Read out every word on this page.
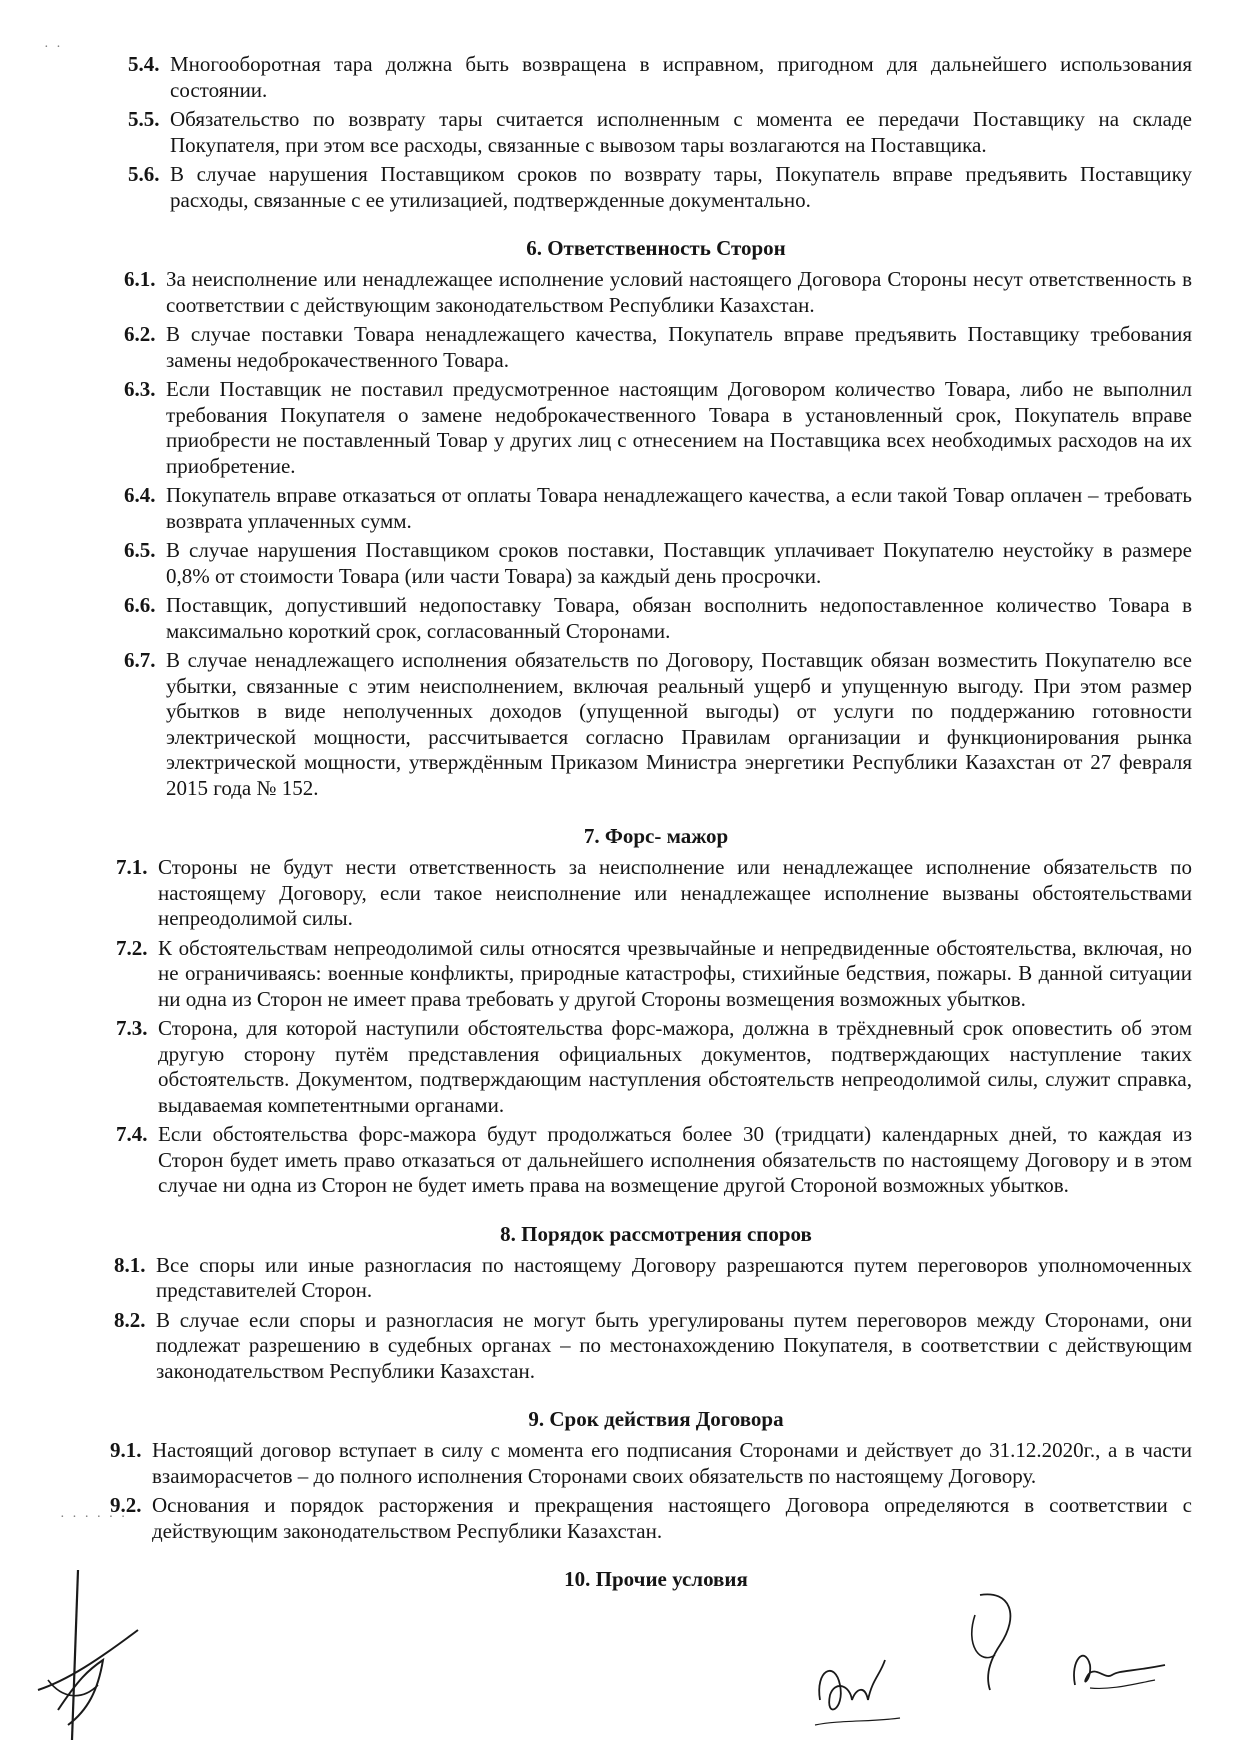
· ·
· · · · · ·
5.4. Многооборотная тара должна быть возвращена в исправном, пригодном для дальнейшего использования состоянии.
5.5. Обязательство по возврату тары считается исполненным с момента ее передачи Поставщику на складе Покупателя, при этом все расходы, связанные с вывозом тары возлагаются на Поставщика.
5.6. В случае нарушения Поставщиком сроков по возврату тары, Покупатель вправе предъявить Поставщику расходы, связанные с ее утилизацией, подтвержденные документально.
6. Ответственность Сторон
6.1. За неисполнение или ненадлежащее исполнение условий настоящего Договора Стороны несут ответственность в соответствии с действующим законодательством Республики Казахстан.
6.2. В случае поставки Товара ненадлежащего качества, Покупатель вправе предъявить Поставщику требования замены недоброкачественного Товара.
6.3. Если Поставщик не поставил предусмотренное настоящим Договором количество Товара, либо не выполнил требования Покупателя о замене недоброкачественного Товара в установленный срок, Покупатель вправе приобрести не поставленный Товар у других лиц с отнесением на Поставщика всех необходимых расходов на их приобретение.
6.4. Покупатель вправе отказаться от оплаты Товара ненадлежащего качества, а если такой Товар оплачен – требовать возврата уплаченных сумм.
6.5. В случае нарушения Поставщиком сроков поставки, Поставщик уплачивает Покупателю неустойку в размере 0,8% от стоимости Товара (или части Товара) за каждый день просрочки.
6.6. Поставщик, допустивший недопоставку Товара, обязан восполнить недопоставленное количество Товара в максимально короткий срок, согласованный Сторонами.
6.7. В случае ненадлежащего исполнения обязательств по Договору, Поставщик обязан возместить Покупателю все убытки, связанные с этим неисполнением, включая реальный ущерб и упущенную выгоду. При этом размер убытков в виде неполученных доходов (упущенной выгоды) от услуги по поддержанию готовности электрической мощности, рассчитывается согласно Правилам организации и функционирования рынка электрической мощности, утверждённым Приказом Министра энергетики Республики Казахстан от 27 февраля 2015 года № 152.
7. Форс- мажор
7.1. Стороны не будут нести ответственность за неисполнение или ненадлежащее исполнение обязательств по настоящему Договору, если такое неисполнение или ненадлежащее исполнение вызваны обстоятельствами непреодолимой силы.
7.2. К обстоятельствам непреодолимой силы относятся чрезвычайные и непредвиденные обстоятельства, включая, но не ограничиваясь: военные конфликты, природные катастрофы, стихийные бедствия, пожары. В данной ситуации ни одна из Сторон не имеет права требовать у другой Стороны возмещения возможных убытков.
7.3. Сторона, для которой наступили обстоятельства форс-мажора, должна в трёхдневный срок оповестить об этом другую сторону путём представления официальных документов, подтверждающих наступление таких обстоятельств. Документом, подтверждающим наступления обстоятельств непреодолимой силы, служит справка, выдаваемая компетентными органами.
7.4. Если обстоятельства форс-мажора будут продолжаться более 30 (тридцати) календарных дней, то каждая из Сторон будет иметь право отказаться от дальнейшего исполнения обязательств по настоящему Договору и в этом случае ни одна из Сторон не будет иметь права на возмещение другой Стороной возможных убытков.
8. Порядок рассмотрения споров
8.1. Все споры или иные разногласия по настоящему Договору разрешаются путем переговоров уполномоченных представителей Сторон.
8.2. В случае если споры и разногласия не могут быть урегулированы путем переговоров между Сторонами, они подлежат разрешению в судебных органах – по местонахождению Покупателя, в соответствии с действующим законодательством Республики Казахстан.
9. Срок действия Договора
9.1. Настоящий договор вступает в силу с момента его подписания Сторонами и действует до 31.12.2020г., а в части взаиморасчетов – до полного исполнения Сторонами своих обязательств по настоящему Договору.
9.2. Основания и порядок расторжения и прекращения настоящего Договора определяются в соответствии с действующим законодательством Республики Казахстан.
10. Прочие условия
